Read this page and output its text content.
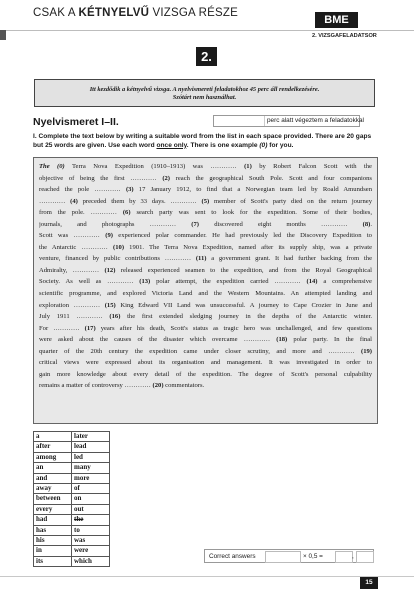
CSAK A KÉTNYELVŰ VIZSGA RÉSZE
BME
2. VIZSGAFELADATSOR
2.
Itt kezdődik a kétnyelvű vizsga. A nyelvismereti feladatokhoz 45 perc áll rendelkezésére.
Szótárt nem használhat.
Nyelvismeret I–II.	perc alatt végeztem a feladatokkal
I. Complete the text below by writing a suitable word from the list in each space provided. There are 20 gaps but 25 words are given. Use each word once only. There is one example (0) for you.
The (0) Terra Nova Expedition (1910–1913) was ………… (1) by Robert Falcon Scott with the
objective of being the first ………… (2) reach the geographical South Pole. Scott and four companions
reached the pole ………… (3) 17 January 1912, to find that a Norwegian team led by Roald Amundsen
………… (4) preceded them by 33 days. ………… (5) member of Scott's party died on the return journey
from the pole. ………… (6) search party was sent to look for the expedition. Some of their bodies,
journals, and photographs ………… (7) discovered eight months ………… (8).
Scott was ………… (9) experienced polar commander. He had previously led the Discovery Expedition to
the Antarctic ………… (10) 1901. The Terra Nova Expedition, named after its supply ship, was a private
venture, financed by public contributions ………… (11) a government grant. It had further backing from the
Admiralty, ………… (12) released experienced seamen to the expedition, and from the Royal Geographical
Society. As well as ………… (13) polar attempt, the expedition carried ………… (14) a comprehensive
scientific programme, and explored Victoria Land and the Western Mountains. An attempted landing and
exploration ………… (15) King Edward VII Land was unsuccessful. A journey to Cape Crozier in June and
July 1911 ………… (16) the first extended sledging journey in the depths of the Antarctic winter.
For ………… (17) years after his death, Scott's status as tragic hero was unchallenged, and few questions
were asked about the causes of the disaster which overcame ………… (18) polar party. In the final
quarter of the 20th century the expedition came under closer scrutiny, and more and ………… (19)
critical views were expressed about its organisation and management. It was investigated in order to
gain more knowledge about every detail of the expedition. The degree of Scott's personal culpability
remains a matter of controversy ………… (20) commentators.
a	later
after	lead
among	led
an	many
and	more
away	of
between	on
every	out
had	the
has	to
his	was
in	were
its	which
Correct answers	× 0,5 =	,
15
